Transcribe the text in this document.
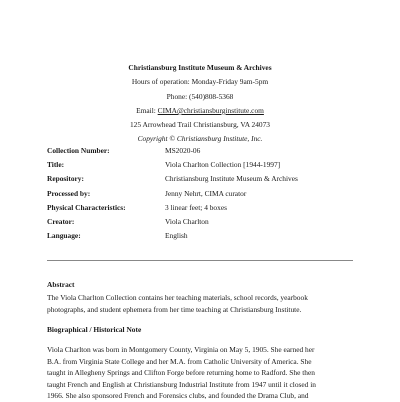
Christiansburg Institute Museum & Archives
Hours of operation: Monday-Friday 9am-5pm
Phone: (540)808-5368
Email: CIMA@christiansburginstitute.com
125 Arrowhead Trail Christiansburg, VA 24073
Copyright © Christiansburg Institute, Inc.
Collection Number:	MS2020-06
Title:	Viola Charlton Collection [1944-1997]
Repository:	Christiansburg Institute Museum & Archives
Processed by:	Jenny Nehrt, CIMA curator
Physical Characteristics:	3 linear feet; 4 boxes
Creator:	Viola Charlton
Language:	English
Abstract
The Viola Charlton Collection contains her teaching materials, school records, yearbook
photographs, and student ephemera from her time teaching at Christiansburg Institute.
Biographical / Historical Note
Viola Charlton was born in Montgomery County, Virginia on May 5, 1905. She earned her
B.A. from Virginia State College and her M.A. from Catholic University of America. She
taught in Allegheny Springs and Clifton Forge before returning home to Radford. She then
taught French and English at Christiansburg Industrial Institute from 1947 until it closed in
1966. She also sponsored French and Forensics clubs, and founded the Drama Club, and
